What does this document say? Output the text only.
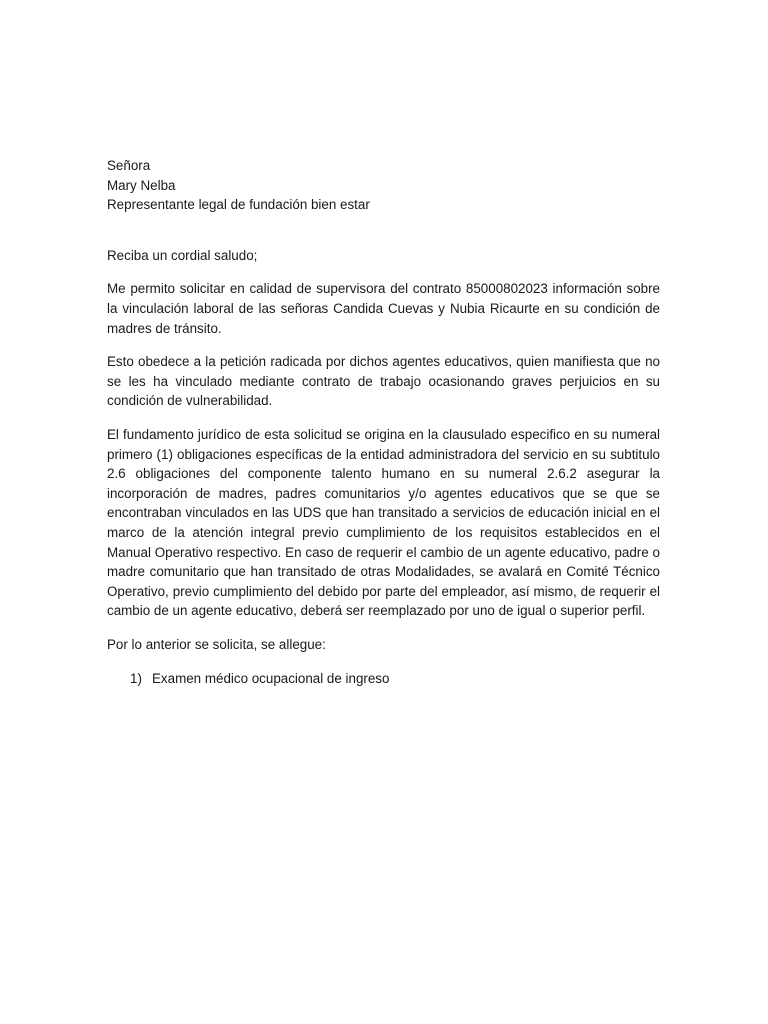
Señora

Mary Nelba

Representante legal de fundación bien estar

Reciba un cordial saludo;

Me permito solicitar en calidad de supervisora del contrato 85000802023 información sobre la vinculación laboral de las señoras Candida Cuevas y Nubia Ricaurte en su condición de madres de tránsito.

Esto obedece a la petición radicada por dichos agentes educativos, quien manifiesta que no se les ha vinculado mediante contrato de trabajo ocasionando graves perjuicios en su condición de vulnerabilidad.

El fundamento jurídico de esta solicitud se origina en la clausulado especifico en su numeral primero (1) obligaciones específicas de la entidad administradora del servicio en su subtitulo 2.6 obligaciones del componente talento humano en su numeral 2.6.2 asegurar la incorporación de madres, padres comunitarios y/o agentes educativos que se que se encontraban vinculados en las UDS que han transitado a servicios de educación inicial en el marco de la atención integral previo cumplimiento de los requisitos establecidos en el Manual Operativo respectivo. En caso de requerir el cambio de un agente educativo, padre o madre comunitario que han transitado de otras Modalidades, se avalará en Comité Técnico Operativo, previo cumplimiento del debido por parte del empleador, así mismo, de requerir el cambio de un agente educativo, deberá ser reemplazado por uno de igual o superior perfil.

Por lo anterior se solicita, se allegue:

1) Examen médico ocupacional de ingreso
